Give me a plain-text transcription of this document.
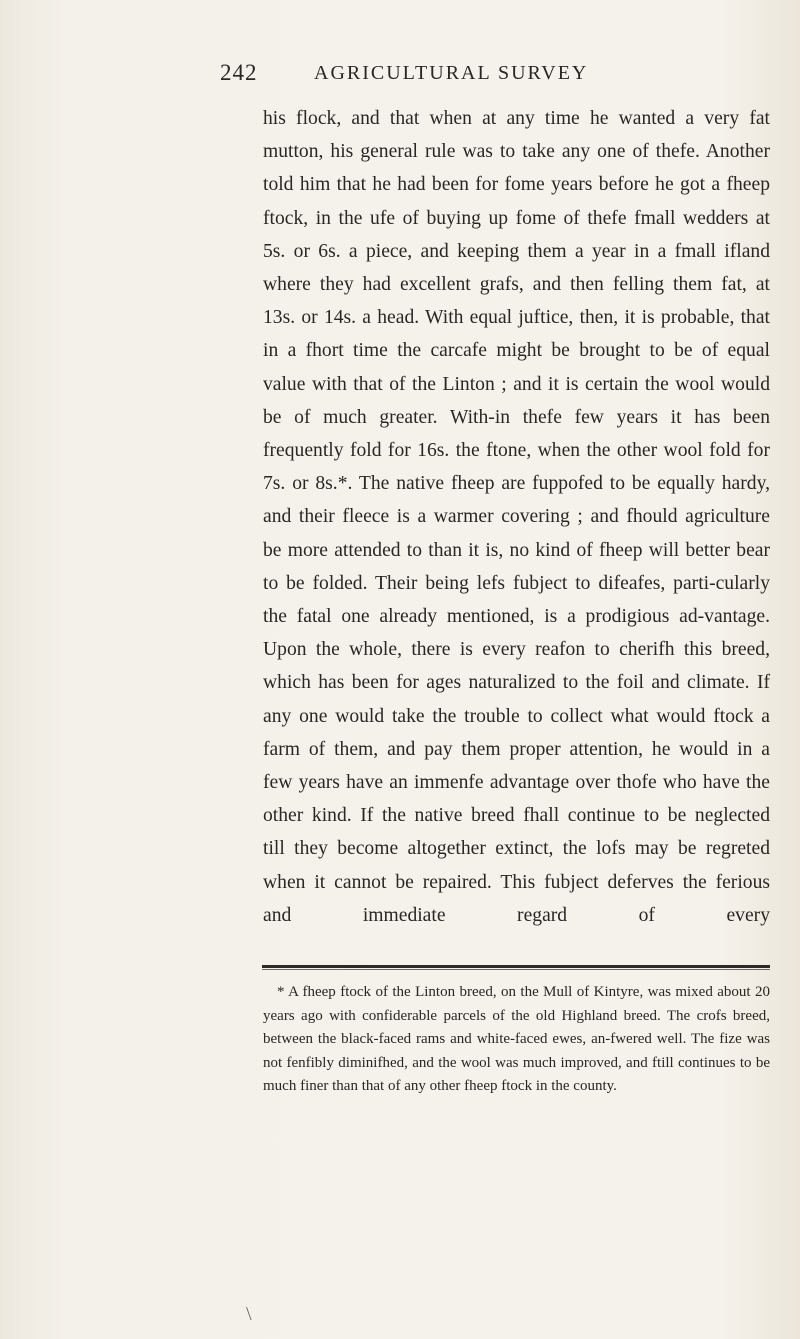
242	AGRICULTURAL SURVEY

his flock, and that when at any time he wanted a very fat mutton, his general rule was to take any one of thefe. Another told him that he had been for fome years before he got a fheep ftock, in the ufe of buying up fome of thefe fmall wedders at 5s. or 6s. a piece, and keeping them a year in a fmall ifland where they had excellent grafs, and then felling them fat, at 13s. or 14s. a head. With equal juftice, then, it is probable, that in a fhort time the carcafe might be brought to be of equal value with that of the Linton ; and it is certain the wool would be of much greater. With-in thefe few years it has been frequently fold for 16s. the ftone, when the other wool fold for 7s. or 8s.*. The native fheep are fuppofed to be equally hardy, and their fleece is a warmer covering ; and fhould agriculture be more attended to than it is, no kind of fheep will better bear to be folded. Their being lefs fubject to difeafes, parti-cularly the fatal one already mentioned, is a prodigious ad-vantage. Upon the whole, there is every reafon to cherifh this breed, which has been for ages naturalized to the foil and climate. If any one would take the trouble to collect what would ftock a farm of them, and pay them proper attention, he would in a few years have an immenfe advantage over thofe who have the other kind. If the native breed fhall continue to be neglected till they become altogether extinct, the lofs may be regreted when it cannot be repaired. This fubject deferves the ferious and immediate regard of every

* A fheep ftock of the Linton breed, on the Mull of Kintyre, was mixed about 20 years ago with confiderable parcels of the old Highland breed. The crofs breed, between the black-faced rams and white-faced ewes, an-fwered well. The fize was not fenfibly diminifhed, and the wool was much improved, and ftill continues to be much finer than that of any other fheep ftock in the county.

\
